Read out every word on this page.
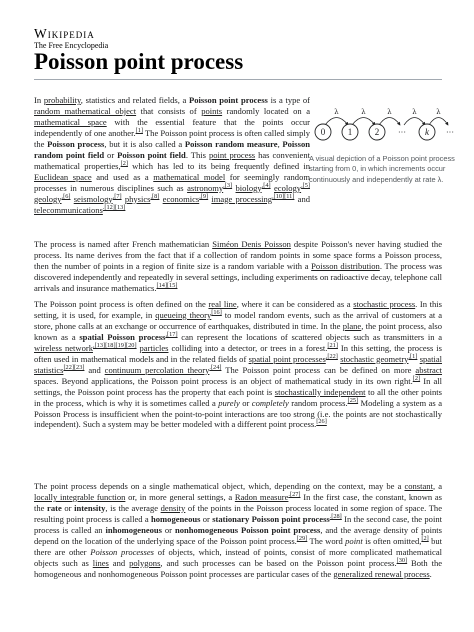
Wikipedia
The Free Encyclopedia
Poisson point process
λ	λ	λ	λ	λ
0	1	2 ··· k ···
A visual depiction of a Poisson point process starting from 0, in which increments occur continuously and independently at rate λ.

In probability, statistics and related fields, a Poisson point process is a type of random mathematical object that consists of points randomly located on a mathematical space with the essential feature that the points occur independently of one another.[1] The Poisson point process is often called simply the Poisson process, but it is also called a Poisson random measure, Poisson random point field or Poisson point field. This point process has convenient mathematical properties,[2] which has led to its being frequently defined in Euclidean space and used as a mathematical model for seemingly random processes in numerous disciplines such as astronomy$^{,[3]}$ biology$^{,[4]}$ ecology$^{,[5]}$ geology$^{,[6]}$ seismology$^{,[7]}$ physics$^{,[8]}$ economics$^{,[9]}$ image processing$^{,[10][11]}$ and telecommunications$^{.[12][13]}$

The process is named after French mathematician Siméon Denis Poisson despite Poisson's never having studied the process. Its name derives from the fact that if a collection of random points in some space forms a Poisson process, then the number of points in a region of finite size is a random variable with a Poisson distribution. The process was discovered independently and repeatedly in several settings, including experiments on radioactive decay, telephone call arrivals and insurance mathematics.[14][15]

The Poisson point process is often defined on the real line, where it can be considered as a stochastic process. In this setting, it is used, for example, in queueing theory[16] to model random events, such as the arrival of customers at a store, phone calls at an exchange or occurrence of earthquakes, distributed in time. In the plane, the point process, also known as a spatial Poisson process$^{,[17]}$ can represent the locations of scattered objects such as transmitters in a wireless network$^{,[13][18][19][20]}$ particles colliding into a detector, or trees in a forest.[21] In this setting, the process is often used in mathematical models and in the related fields of spatial point processes$^{,[22]}$ stochastic geometry$^{,[1]}$ spatial statistics[22][23] and continuum percolation theory$^{.[24]}$ The Poisson point process can be defined on more abstract spaces. Beyond applications, the Poisson point process is an object of mathematical study in its own right.[2] In all settings, the Poisson point process has the property that each point is stochastically independent to all the other points in the process, which is why it is sometimes called a purely or completely random process.[25] Modeling a system as a Poisson Process is insufficient when the point-to-point interactions are too strong (i.e. the points are not stochastically independent). Such a system may be better modeled with a different point process.[26]

The point process depends on a single mathematical object, which, depending on the context, may be a constant, a locally integrable function or, in more general settings, a Radon measure$^{.[27]}$ In the first case, the constant, known as the rate or intensity, is the average density of the points in the Poisson process located in some region of space. The resulting point process is called a homogeneous or stationary Poisson point process$^{.[28]}$ In the second case, the point process is called an inhomogeneous or nonhomogeneous Poisson point process, and the average density of points depend on the location of the underlying space of the Poisson point process.[29] The word point is often omitted,[2] but there are other Poisson processes of objects, which, instead of points, consist of more complicated mathematical objects such as lines and polygons, and such processes can be based on the Poisson point process.[30] Both the homogeneous and nonhomogeneous Poisson point processes are particular cases of the generalized renewal process.
